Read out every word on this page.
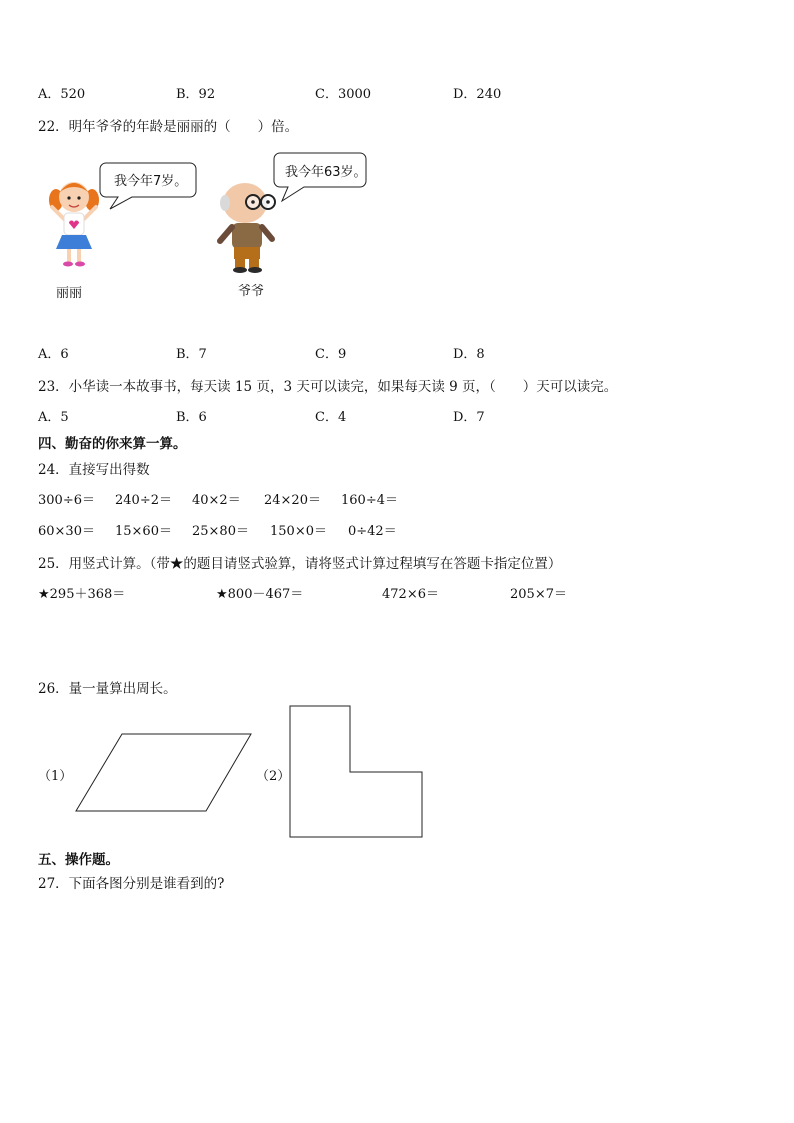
A．520	B．92	C．3000	D．240
22．明年爷爷的年龄是丽丽的（　　）倍。
我今年7岁。
我今年63岁。
丽丽	爷爷
A．6	B．7	C．9	D．8
23．小华读一本故事书，每天读 15 页，3 天可以读完，如果每天读 9 页，（　　）天可以读完。
A．5	B．6	C．4	D．7
四、勤奋的你来算一算。
24．直接写出得数
300÷6＝ 240÷2＝ 40×2＝ 24×20＝ 160÷4＝
60×30＝ 15×60＝ 25×80＝ 150×0＝ 0÷42＝
25．用竖式计算。（带★的题目请竖式验算，请将竖式计算过程填写在答题卡指定位置）
★295＋368＝	★800－467＝	472×6＝	205×7＝
26．量一量算出周长。
（1）	（2）
五、操作题。
27．下面各图分别是谁看到的?
